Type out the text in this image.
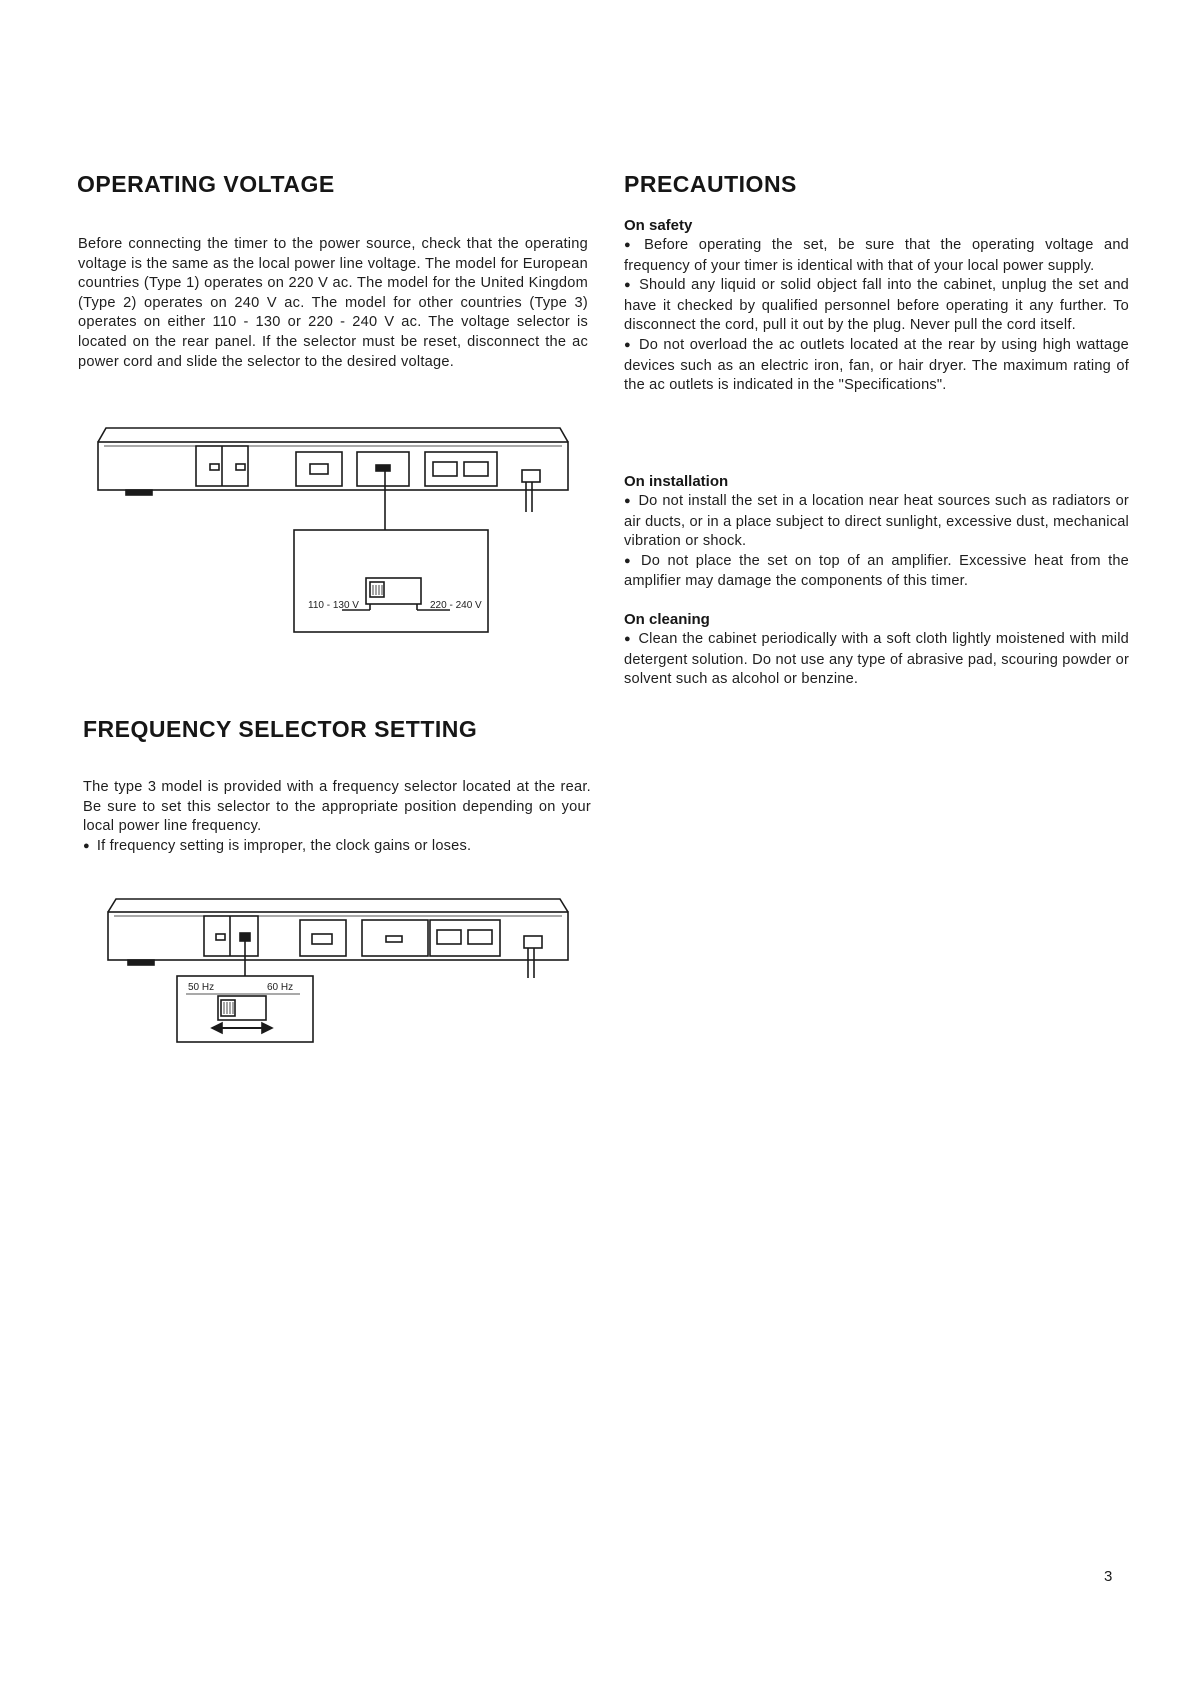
OPERATING VOLTAGE

Before connecting the timer to the power source, check that the operating voltage is the same as the local power line voltage. The model for European countries (Type 1) operates on 220 V ac. The model for the United Kingdom (Type 2) operates on 240 V ac. The model for other countries (Type 3) operates on either 110 - 130 or 220 - 240 V ac. The voltage selector is located on the rear panel. If the selector must be reset, disconnect the ac power cord and slide the selector to the desired voltage.

110 - 130 V	220 - 240 V
FREQUENCY SELECTOR SETTING

The type 3 model is provided with a frequency selector located at the rear. Be sure to set this selector to the appropriate position depending on your local power line frequency.

● If frequency setting is improper, the clock gains or loses.
50 Hz	60 Hz
PRECAUTIONS
On safety
● Before operating the set, be sure that the operating voltage and frequency of your timer is identical with that of your local power supply.
● Should any liquid or solid object fall into the cabinet, unplug the set and have it checked by qualified personnel before operating it any further. To disconnect the cord, pull it out by the plug. Never pull the cord itself.
● Do not overload the ac outlets located at the rear by using high wattage devices such as an electric iron, fan, or hair dryer. The maximum rating of the ac outlets is indicated in the "Specifications".
On installation
● Do not install the set in a location near heat sources such as radiators or air ducts, or in a place subject to direct sunlight, excessive dust, mechanical vibration or shock.
● Do not place the set on top of an amplifier. Excessive heat from the amplifier may damage the components of this timer.
On cleaning
● Clean the cabinet periodically with a soft cloth lightly moistened with mild detergent solution. Do not use any type of abrasive pad, scouring powder or solvent such as alcohol or benzine.
3
